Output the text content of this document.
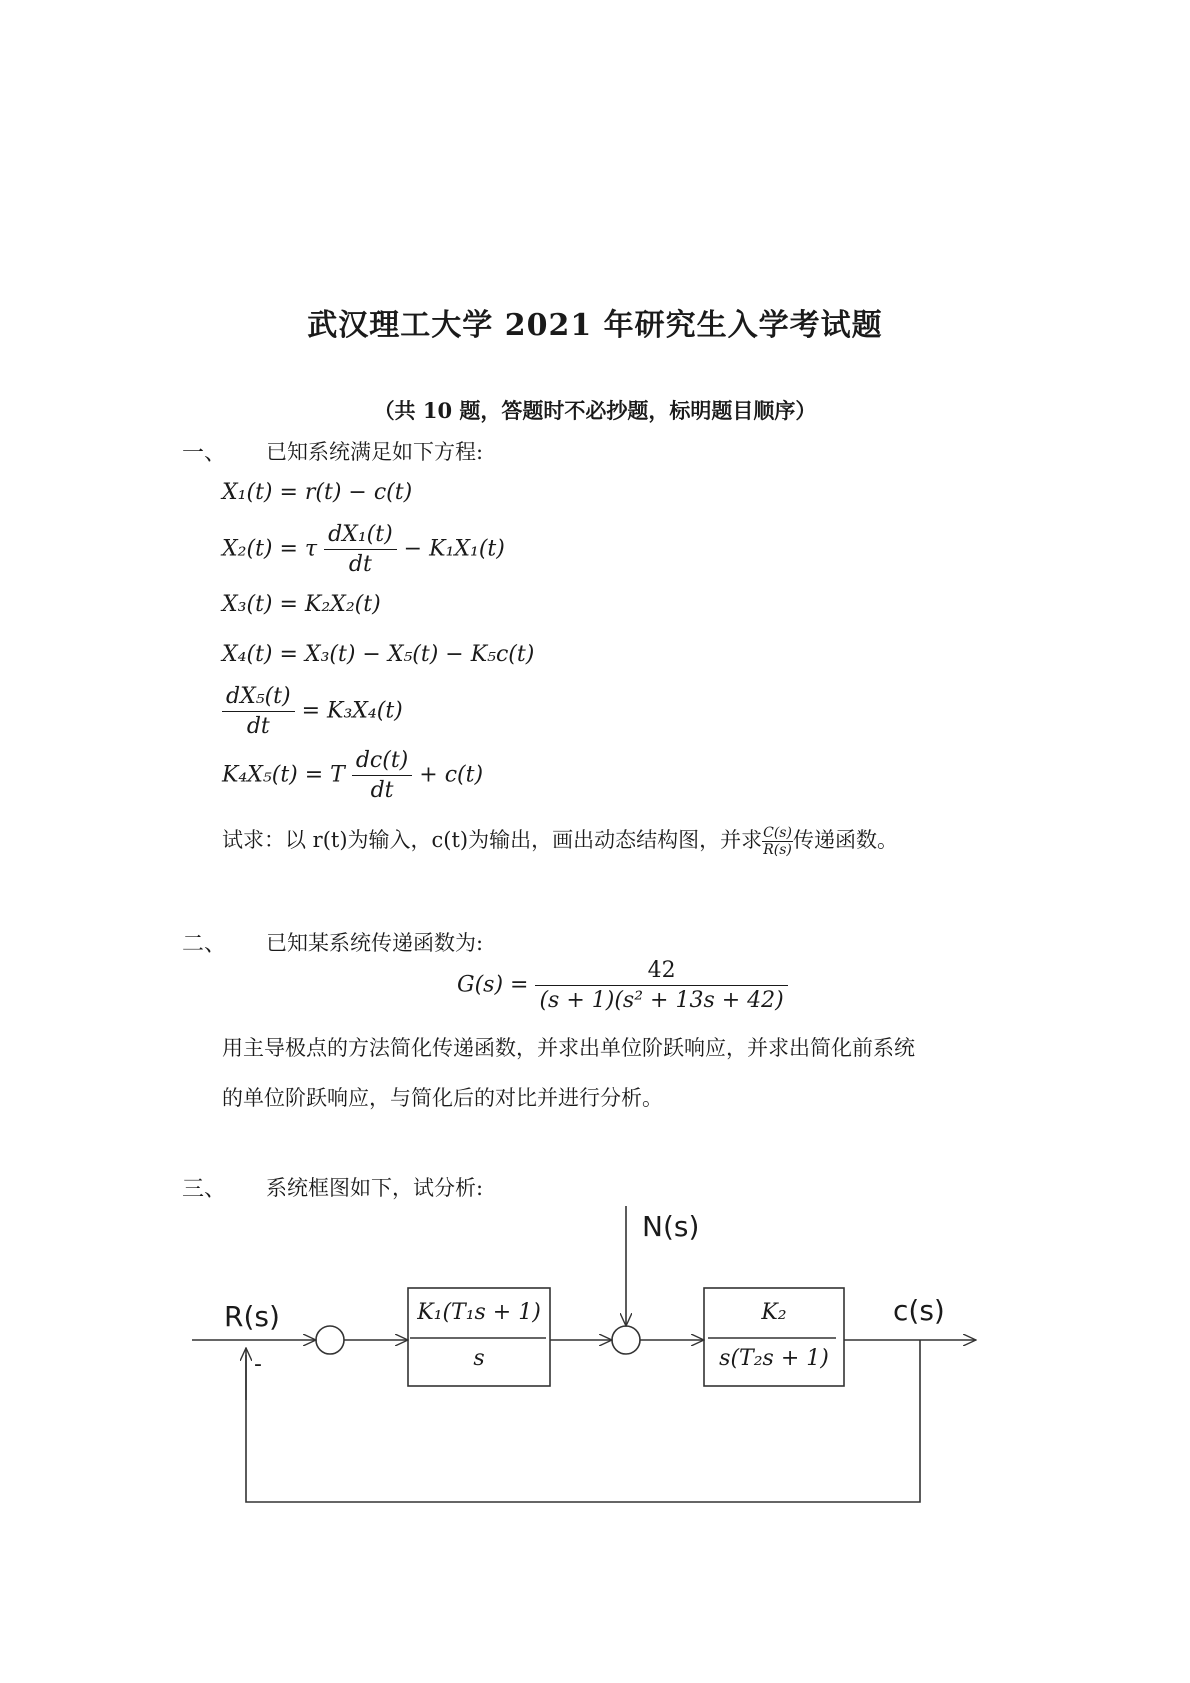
武汉理工大学 2021 年研究生入学考试题
（共 10 题，答题时不必抄题，标明题目顺序）
一、 已知系统满足如下方程:
X₁(t) = r(t) − c(t)
X₂(t) = τ $\frac{\text{dX₁(t)}}{dt} - K_1X_1(t)$
X₃(t) = K₂X₂(t)
X₄(t) = X₃(t) − X₅(t) − K₅c(t)
$\frac{\text{dX₅(t)}}{dt} = K_3X_4(t)$
K₄X₅(t) = T $\frac{dc(t)}{dt} + c(t)$
试求：以 r(t)为输入，c(t)为输出，画出动态结构图，并求 $\frac{C(s)}{R(s)}$ 传递函数。
二、 已知某系统传递函数为:
$G(s) = \frac{42}{\text{(s + 1)(s² + 13s + 42)}}$
用主导极点的方法简化传递函数，并求出单位阶跃响应，并求出简化前系统
的单位阶跃响应，与简化后的对比并进行分析。
三、 系统框图如下，试分析:
R(s)
N(s)
c(s)
-
K₁(T₁s + 1)
s
K₂
s(T₂s + 1)
